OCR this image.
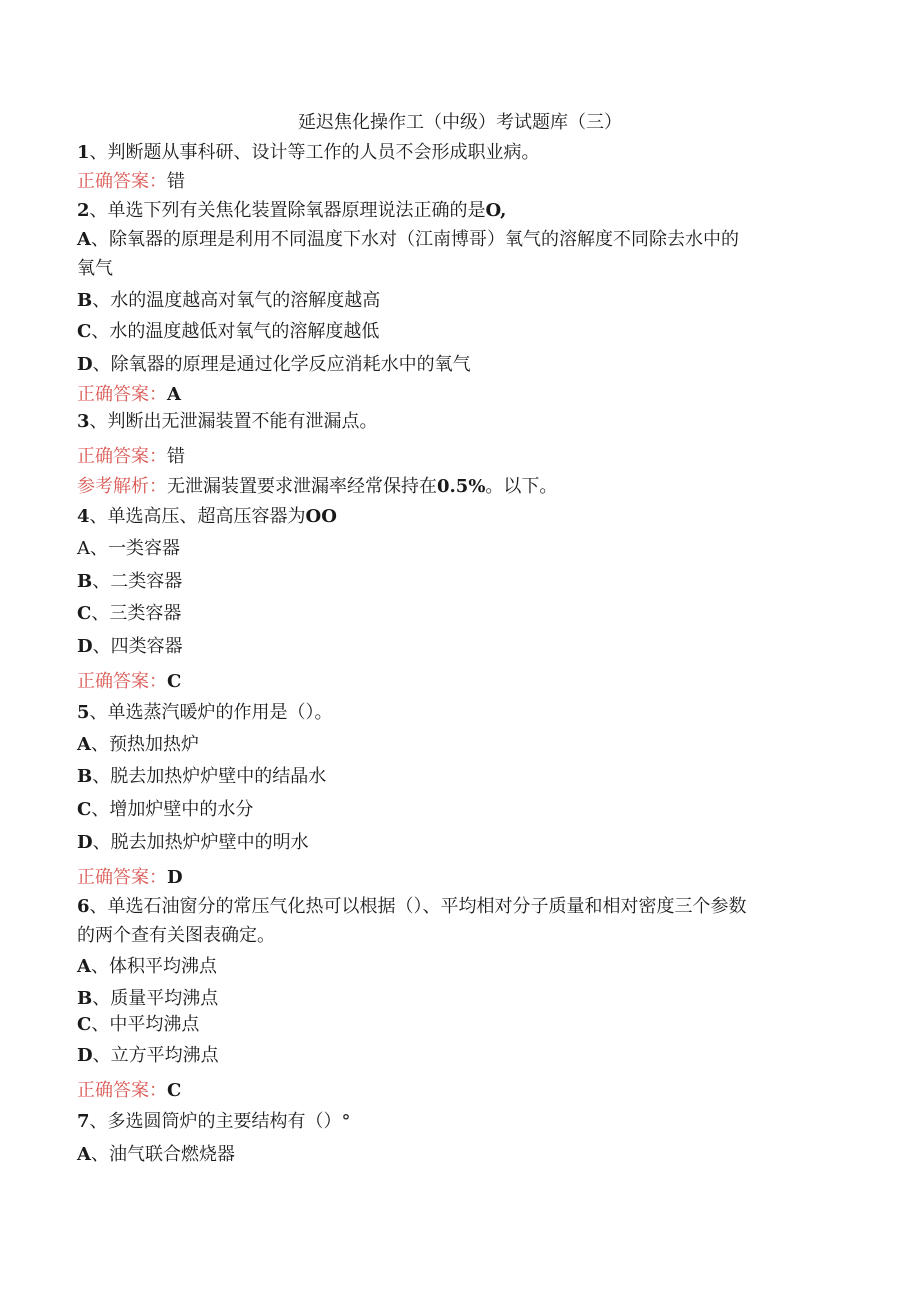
延迟焦化操作工（中级）考试题库（三）
1、判断题从事科研、设计等工作的人员不会形成职业病。
正确答案：错
2、单选下列有关焦化装置除氧器原理说法正确的是O,
A、除氧器的原理是利用不同温度下水对（江南博哥）氧气的溶解度不同除去水中的
氧气
B、水的温度越高对氧气的溶解度越高
C、水的温度越低对氧气的溶解度越低
D、除氧器的原理是通过化学反应消耗水中的氧气
正确答案：A
3、判断出无泄漏装置不能有泄漏点。
正确答案：错
参考解析：无泄漏装置要求泄漏率经常保持在0.5%。以下。
4、单选高压、超高压容器为OO
A、一类容器
B、二类容器
C、三类容器
D、四类容器
正确答案：C
5、单选蒸汽暖炉的作用是（）。
A、预热加热炉
B、脱去加热炉炉壁中的结晶水
C、增加炉壁中的水分
D、脱去加热炉炉壁中的明水
正确答案：D
6、单选石油窗分的常压气化热可以根据（）、平均相对分子质量和相对密度三个参数
的两个查有关图表确定。
A、体积平均沸点
B、质量平均沸点
C、中平均沸点
D、立方平均沸点
正确答案：C
7、多选圆筒炉的主要结构有（）°
A、油气联合燃烧器
